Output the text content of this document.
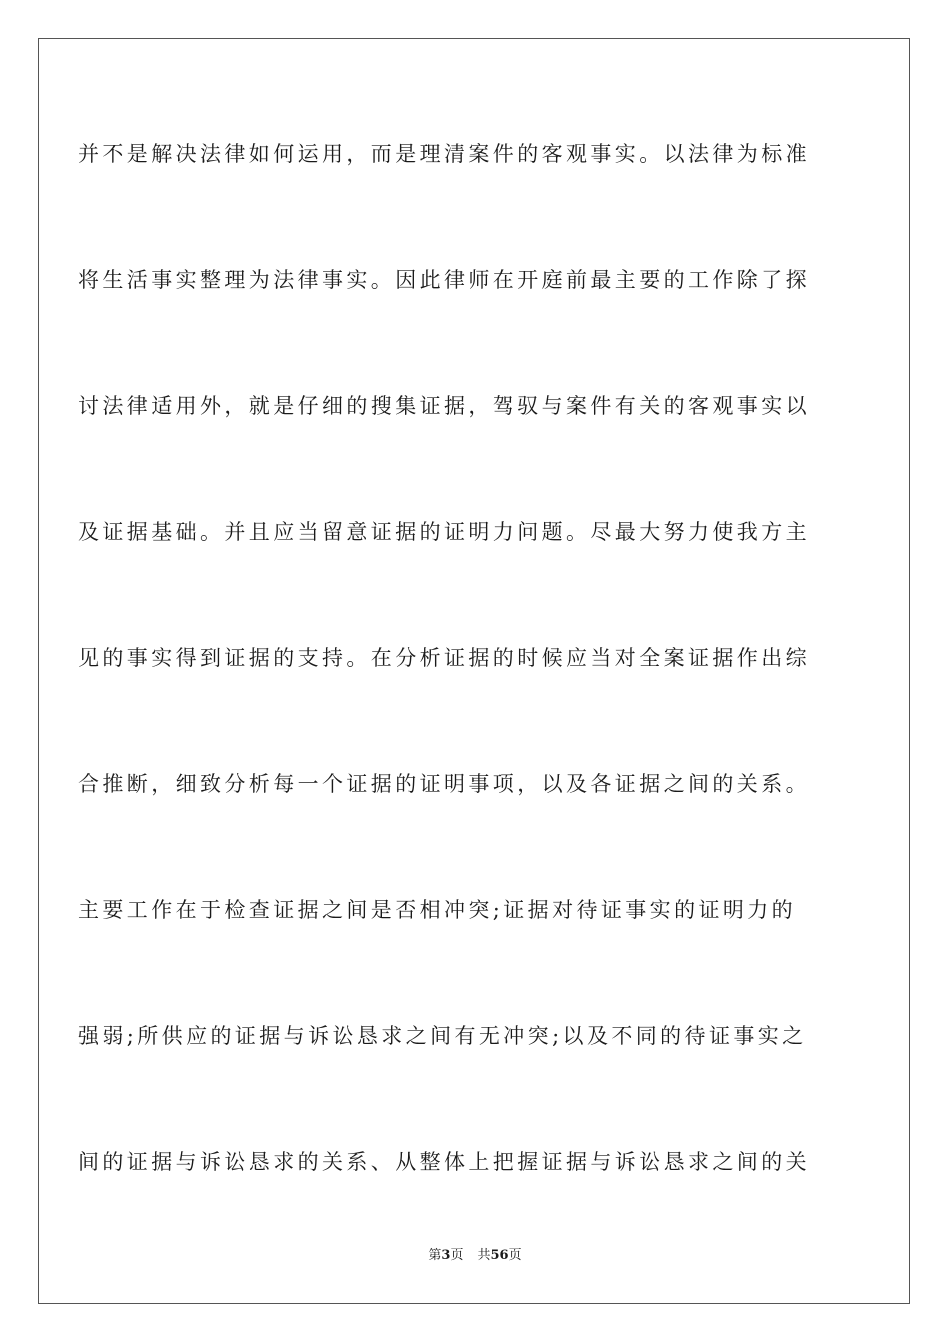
并不是解决法律如何运用，而是理清案件的客观事实。以法律为标准
将生活事实整理为法律事实。因此律师在开庭前最主要的工作除了探
讨法律适用外，就是仔细的搜集证据，驾驭与案件有关的客观事实以
及证据基础。并且应当留意证据的证明力问题。尽最大努力使我方主
见的事实得到证据的支持。在分析证据的时候应当对全案证据作出综
合推断，细致分析每一个证据的证明事项，以及各证据之间的关系。
主要工作在于检查证据之间是否相冲突;证据对待证事实的证明力的
强弱;所供应的证据与诉讼恳求之间有无冲突;以及不同的待证事实之
间的证据与诉讼恳求的关系、从整体上把握证据与诉讼恳求之间的关
第3页 共56页
